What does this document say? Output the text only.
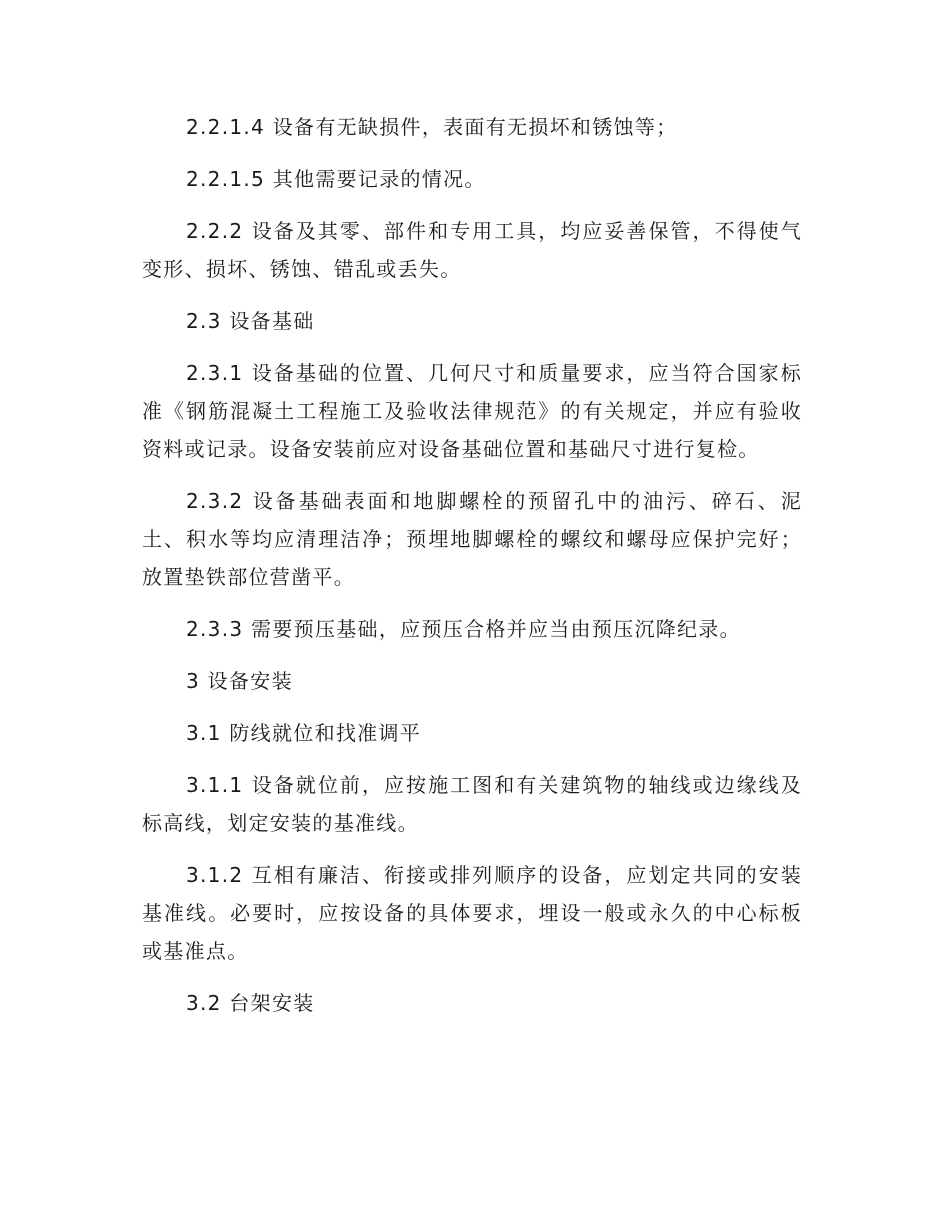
2.2.1.4 设备有无缺损件，表面有无损坏和锈蚀等；

2.2.1.5 其他需要记录的情况。

2.2.2 设备及其零、部件和专用工具，均应妥善保管，不得使气变形、损坏、锈蚀、错乱或丢失。

2.3 设备基础

2.3.1 设备基础的位置、几何尺寸和质量要求，应当符合国家标准《钢筋混凝土工程施工及验收法律规范》的有关规定，并应有验收资料或记录。设备安装前应对设备基础位置和基础尺寸进行复检。

2.3.2 设备基础表面和地脚螺栓的预留孔中的油污、碎石、泥土、积水等均应清理洁净；预埋地脚螺栓的螺纹和螺母应保护完好；放置垫铁部位营凿平。

2.3.3 需要预压基础，应预压合格并应当由预压沉降纪录。

3 设备安装

3.1 防线就位和找准调平

3.1.1 设备就位前，应按施工图和有关建筑物的轴线或边缘线及标高线，划定安装的基准线。

3.1.2 互相有廉洁、衔接或排列顺序的设备，应划定共同的安装基准线。必要时，应按设备的具体要求，埋设一般或永久的中心标板或基准点。

3.2 台架安装
